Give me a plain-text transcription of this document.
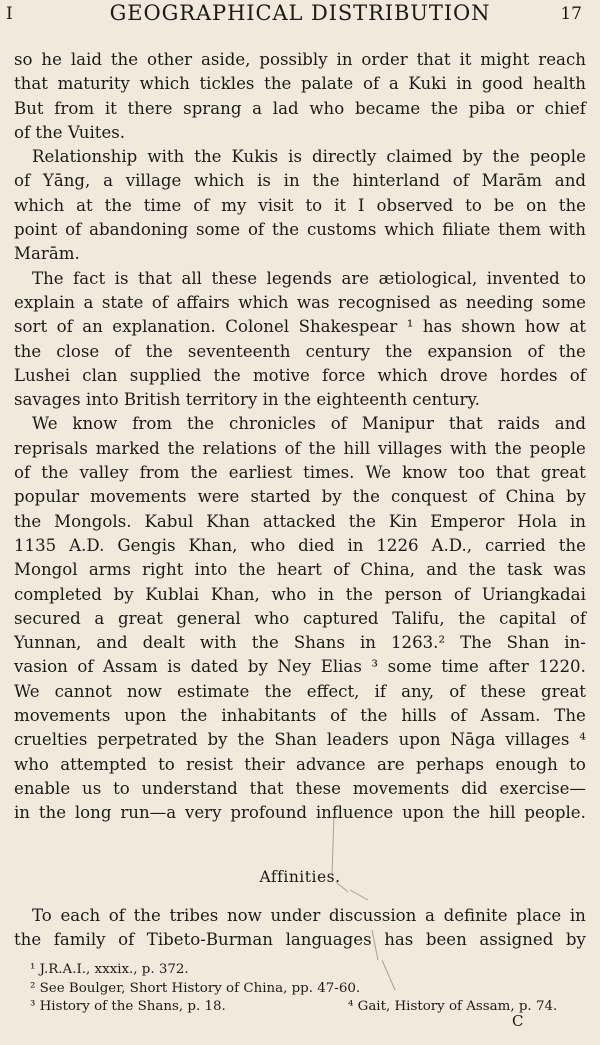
I	GEOGRAPHICAL DISTRIBUTION	17
so he laid the other aside, possibly in order that it might reach
that maturity which tickles the palate of a Kuki in good health
But from it there sprang a lad who became the piba or chief
of the Vuites.
Relationship with the Kukis is directly claimed by the people
of Yāng, a village which is in the hinterland of Marām and
which at the time of my visit to it I observed to be on the
point of abandoning some of the customs which filiate them with
Marām.
The fact is that all these legends are ætiological, invented to
explain a state of affairs which was recognised as needing some
sort of an explanation. Colonel Shakespear ¹ has shown how at
the close of the seventeenth century the expansion of the
Lushei clan supplied the motive force which drove hordes of
savages into British territory in the eighteenth century.
We know from the chronicles of Manipur that raids and
reprisals marked the relations of the hill villages with the people
of the valley from the earliest times. We know too that great
popular movements were started by the conquest of China by
the Mongols. Kabul Khan attacked the Kin Emperor Hola in
1135 A.D. Gengis Khan, who died in 1226 A.D., carried the
Mongol arms right into the heart of China, and the task was
completed by Kublai Khan, who in the person of Uriangkadai
secured a great general who captured Talifu, the capital of
Yunnan, and dealt with the Shans in 1263.² The Shan in-
vasion of Assam is dated by Ney Elias ³ some time after 1220.
We cannot now estimate the effect, if any, of these great
movements upon the inhabitants of the hills of Assam. The
cruelties perpetrated by the Shan leaders upon Nāga villages ⁴
who attempted to resist their advance are perhaps enough to
enable us to understand that these movements did exercise—
in the long run—a very profound influence upon the hill people.
Affinities.
To each of the tribes now under discussion a definite place in
the family of Tibeto-Burman languages has been assigned by
¹ J.R.A.I., xxxix., p. 372.
² See Boulger, Short History of China, pp. 47-60.
³ History of the Shans, p. 18.	⁴ Gait, History of Assam, p. 74.
C
